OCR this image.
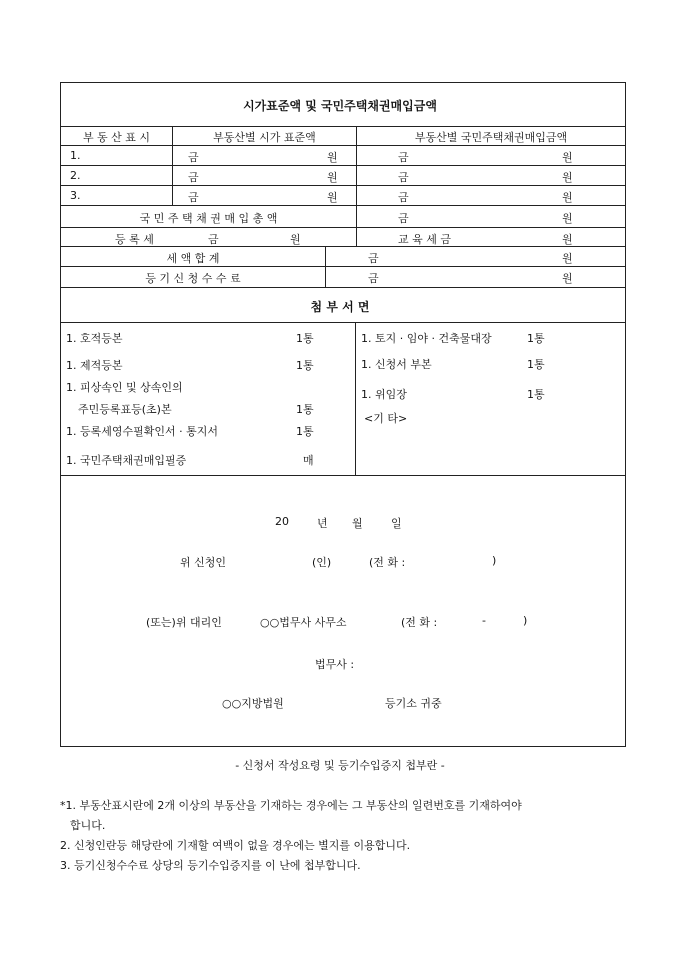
시가표준액 및 국민주택채권매입금액
부 동 산 표 시	부동산별 시가 표준액	부동산별 국민주택채권매입금액
1.	금	원	금	원
2.	금	원	금	원
3.	금	원	금	원
국 민 주 택 채 권 매 입 총 액	금	원
등 록 세	금	원	교 육 세 금	원
세 액 합 계	금	원
등 기 신 청 수 수 료	금	원
첨 부 서 면
1. 호적등본	1통
1. 제적등본	1통
1. 피상속인 및 상속인의
주민등록표등(초)본	1통
1. 등록세영수필확인서 · 통지서	1통
1. 국민주택채권매입필증	매
1. 토지 · 임야 · 건축물대장	1통
1. 신청서 부본	1통
1. 위임장	1통
<기 타>
20	년 월	일
위 신청인	(인)	(전 화 :	)
(또는)위 대리인	○○법무사 사무소	(전 화 :	-	)
법무사 :
○○지방법원	등기소 귀중
- 신청서 작성요령 및 등기수입증지 첩부란 -
*1. 부동산표시란에 2개 이상의 부동산을 기재하는 경우에는 그 부동산의 일련번호를 기재하여야
합니다.
2. 신청인란등 해당란에 기재할 여백이 없을 경우에는 별지를 이용합니다.
3. 등기신청수수료 상당의 등기수입증지를 이 난에 첩부합니다.
